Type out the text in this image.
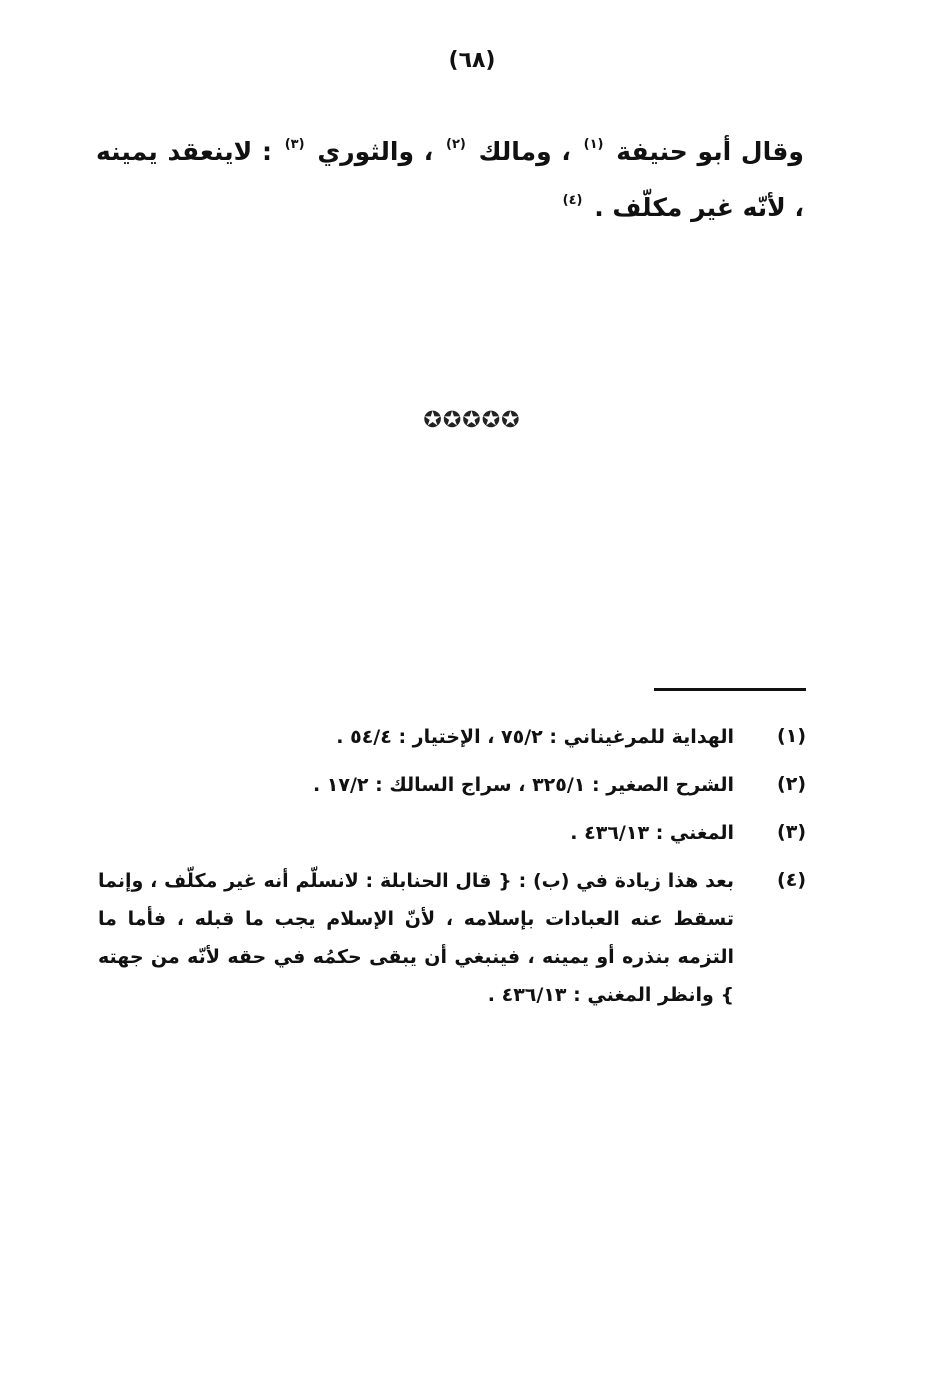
(٦٨)
وقال أبو حنيفة $^{(١)}$ ، ومالك $^{(٢)}$ ، والثوري $^{(٣)}$ : لاينعقد يمينه ، لأنّه غير مكلّف . $^{(٤)}$
✪✪✪✪✪
(١)
الهداية للمرغيناني : ٧٥/٢ ، الإختيار : ٥٤/٤ .
(٢)
الشرح الصغير : ٣٢٥/١ ، سراج السالك : ١٧/٢ .
(٣)
المغني : ٤٣٦/١٣ .
(٤)
بعد هذا زيادة في (ب) : { قال الحنابلة : لانسلّم أنه غير مكلّف ، وإنما تسقط عنه العبادات بإسلامه ، لأنّ الإسلام يجب ما قبله ، فأما ما التزمه بنذره أو يمينه ، فينبغي أن يبقى حكمُه في حقه لأنّه من جهته } وانظر المغني : ٤٣٦/١٣ .
